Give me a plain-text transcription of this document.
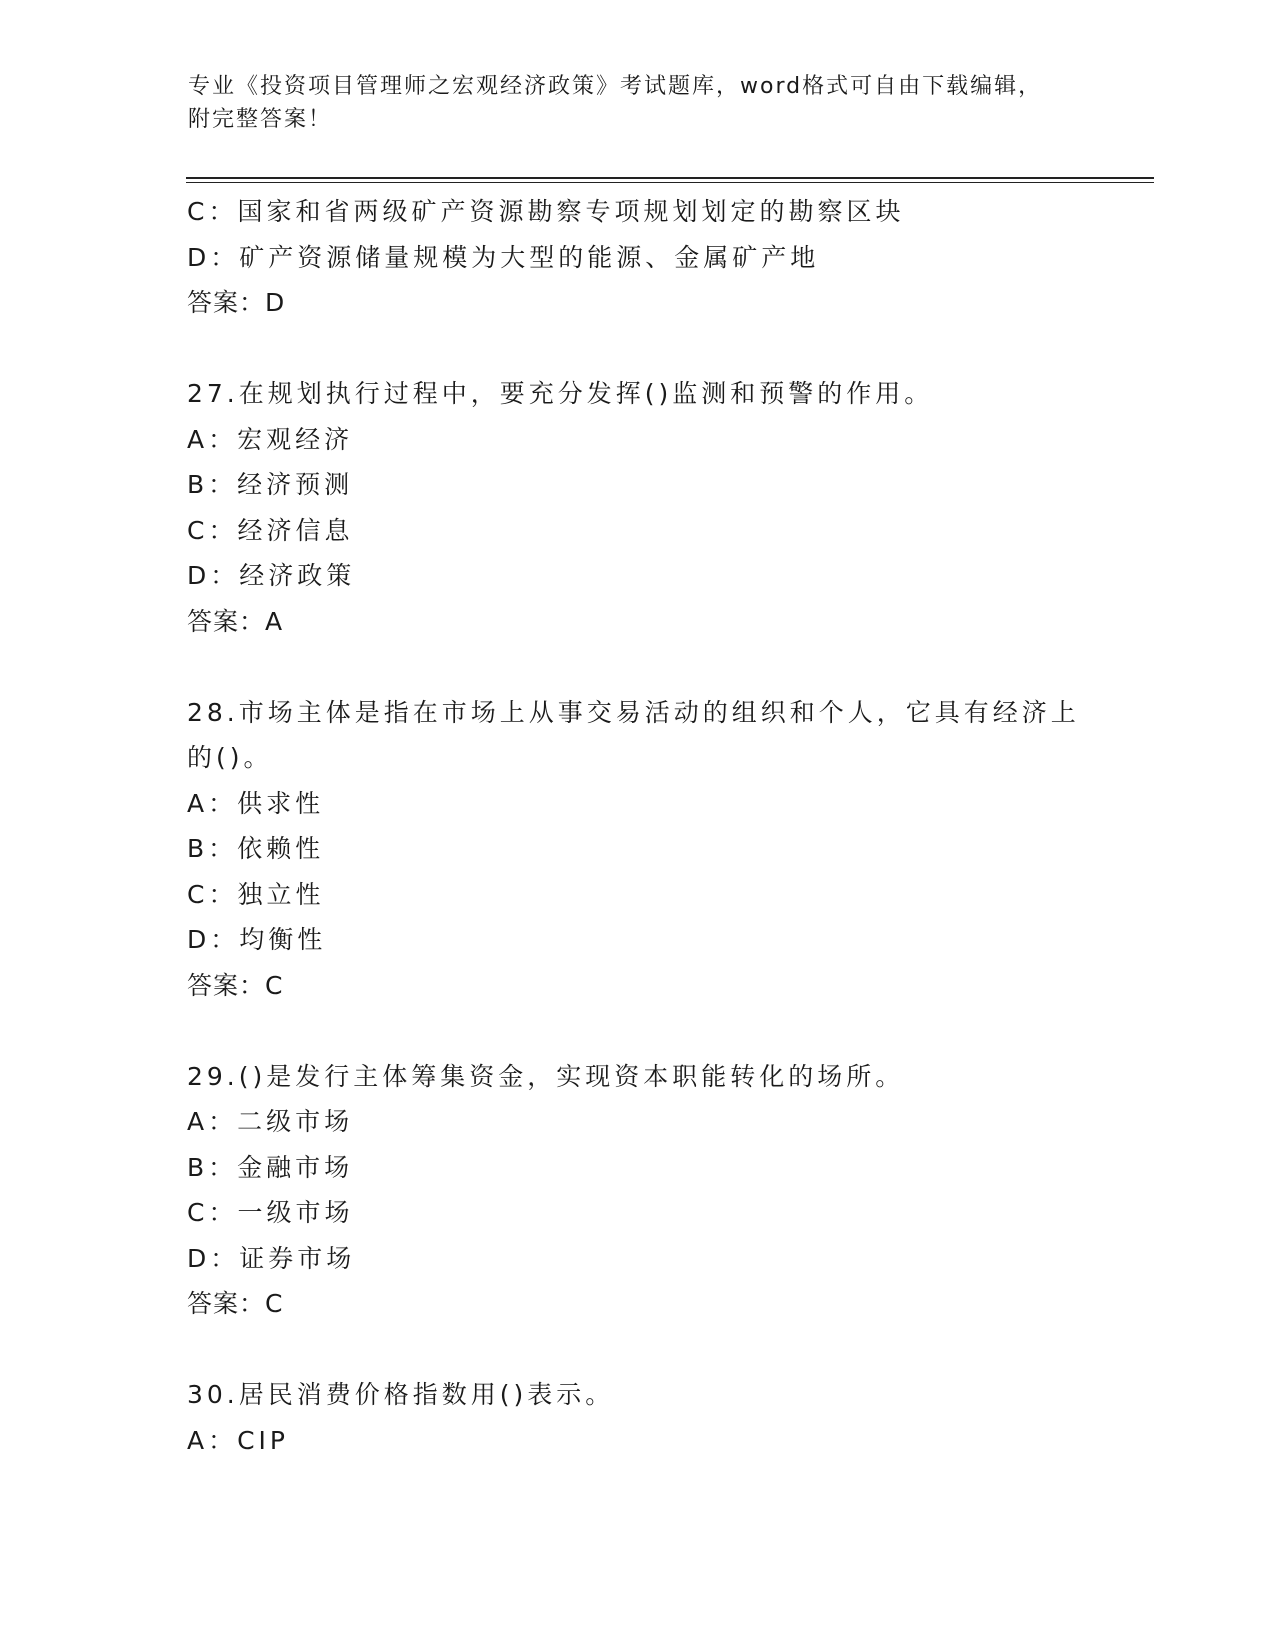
专业《投资项目管理师之宏观经济政策》考试题库，word格式可自由下载编辑，
附完整答案！
C：国家和省两级矿产资源勘察专项规划划定的勘察区块
D：矿产资源储量规模为大型的能源、金属矿产地
答案：D
27.在规划执行过程中，要充分发挥()监测和预警的作用。
A：宏观经济
B：经济预测
C：经济信息
D：经济政策
答案：A
28.市场主体是指在市场上从事交易活动的组织和个人，它具有经济上
的()。
A：供求性
B：依赖性
C：独立性
D：均衡性
答案：C
29.()是发行主体筹集资金，实现资本职能转化的场所。
A：二级市场
B：金融市场
C：一级市场
D：证券市场
答案：C
30.居民消费价格指数用()表示。
A：CIP
